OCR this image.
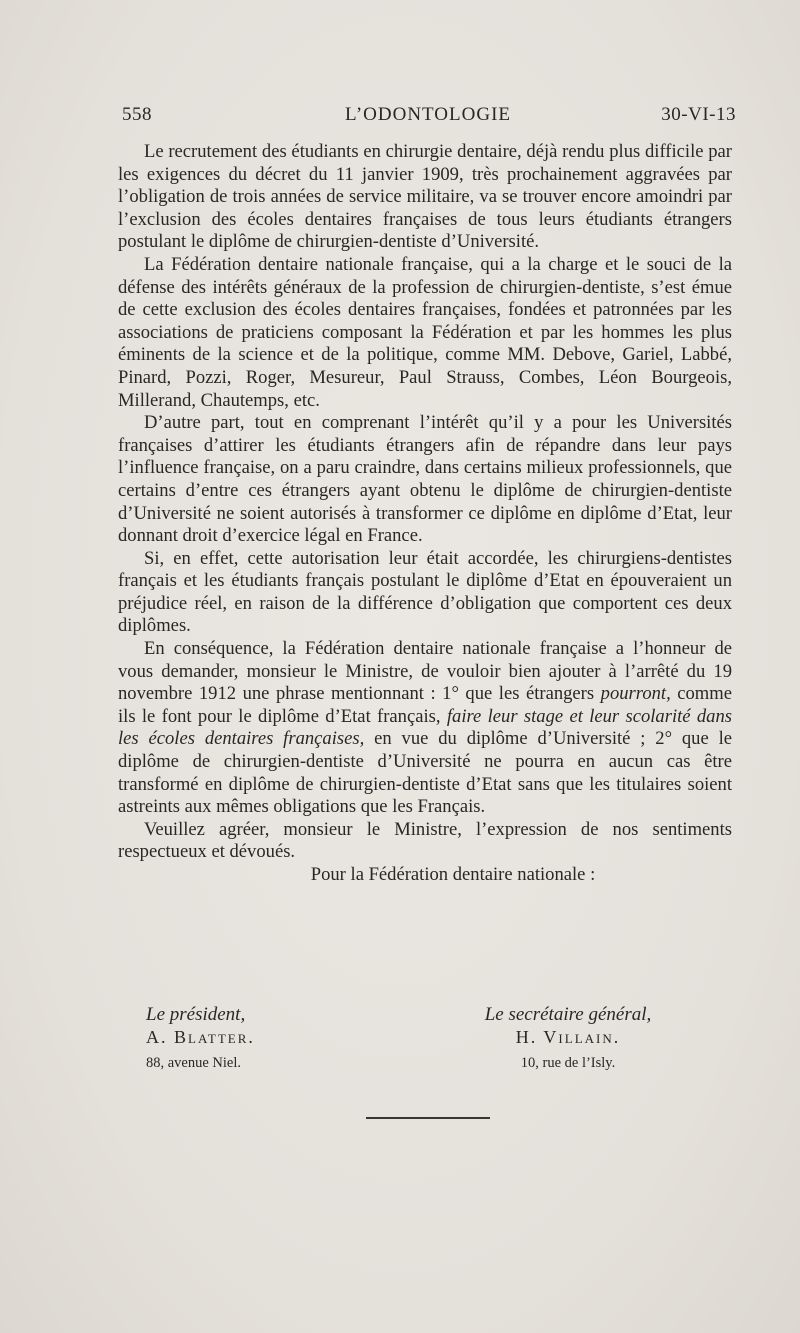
558	L’ODONTOLOGIE	30-VI-13

Le recrutement des étudiants en chirurgie dentaire, déjà rendu plus difficile par les exigences du décret du 11 janvier 1909, très prochainement aggravées par l’obligation de trois années de service militaire, va se trouver encore amoindri par l’exclusion des écoles dentaires françaises de tous leurs étudiants étrangers postulant le diplôme de chirurgien-dentiste d’Université.

La Fédération dentaire nationale française, qui a la charge et le souci de la défense des intérêts généraux de la profession de chirurgien-dentiste, s’est émue de cette exclusion des écoles dentaires françaises, fondées et patronnées par les associations de praticiens composant la Fédération et par les hommes les plus éminents de la science et de la politique, comme MM. Debove, Gariel, Labbé, Pinard, Pozzi, Roger, Mesureur, Paul Strauss, Combes, Léon Bourgeois, Millerand, Chautemps, etc.

D’autre part, tout en comprenant l’intérêt qu’il y a pour les Universités françaises d’attirer les étudiants étrangers afin de répandre dans leur pays l’influence française, on a paru craindre, dans certains milieux professionnels, que certains d’entre ces étrangers ayant obtenu le diplôme de chirurgien-dentiste d’Université ne soient autorisés à transformer ce diplôme en diplôme d’Etat, leur donnant droit d’exercice légal en France.

Si, en effet, cette autorisation leur était accordée, les chirurgiens-dentistes français et les étudiants français postulant le diplôme d’Etat en épouveraient un préjudice réel, en raison de la différence d’obligation que comportent ces deux diplômes.

En conséquence, la Fédération dentaire nationale française a l’honneur de vous demander, monsieur le Ministre, de vouloir bien ajouter à l’arrêté du 19 novembre 1912 une phrase mentionnant : 1° que les étrangers pourront, comme ils le font pour le diplôme d’Etat français, faire leur stage et leur scolarité dans les écoles dentaires françaises, en vue du diplôme d’Université ; 2° que le diplôme de chirurgien-dentiste d’Université ne pourra en aucun cas être transformé en diplôme de chirurgien-dentiste d’Etat sans que les titulaires soient astreints aux mêmes obligations que les Français.

Veuillez agréer, monsieur le Ministre, l’expression de nos sentiments respectueux et dévoués.

Pour la Fédération dentaire nationale :

Le président,
A. Blatter.
88, avenue Niel.
Le secrétaire général,
H. Villain.
10, rue de l’Isly.
